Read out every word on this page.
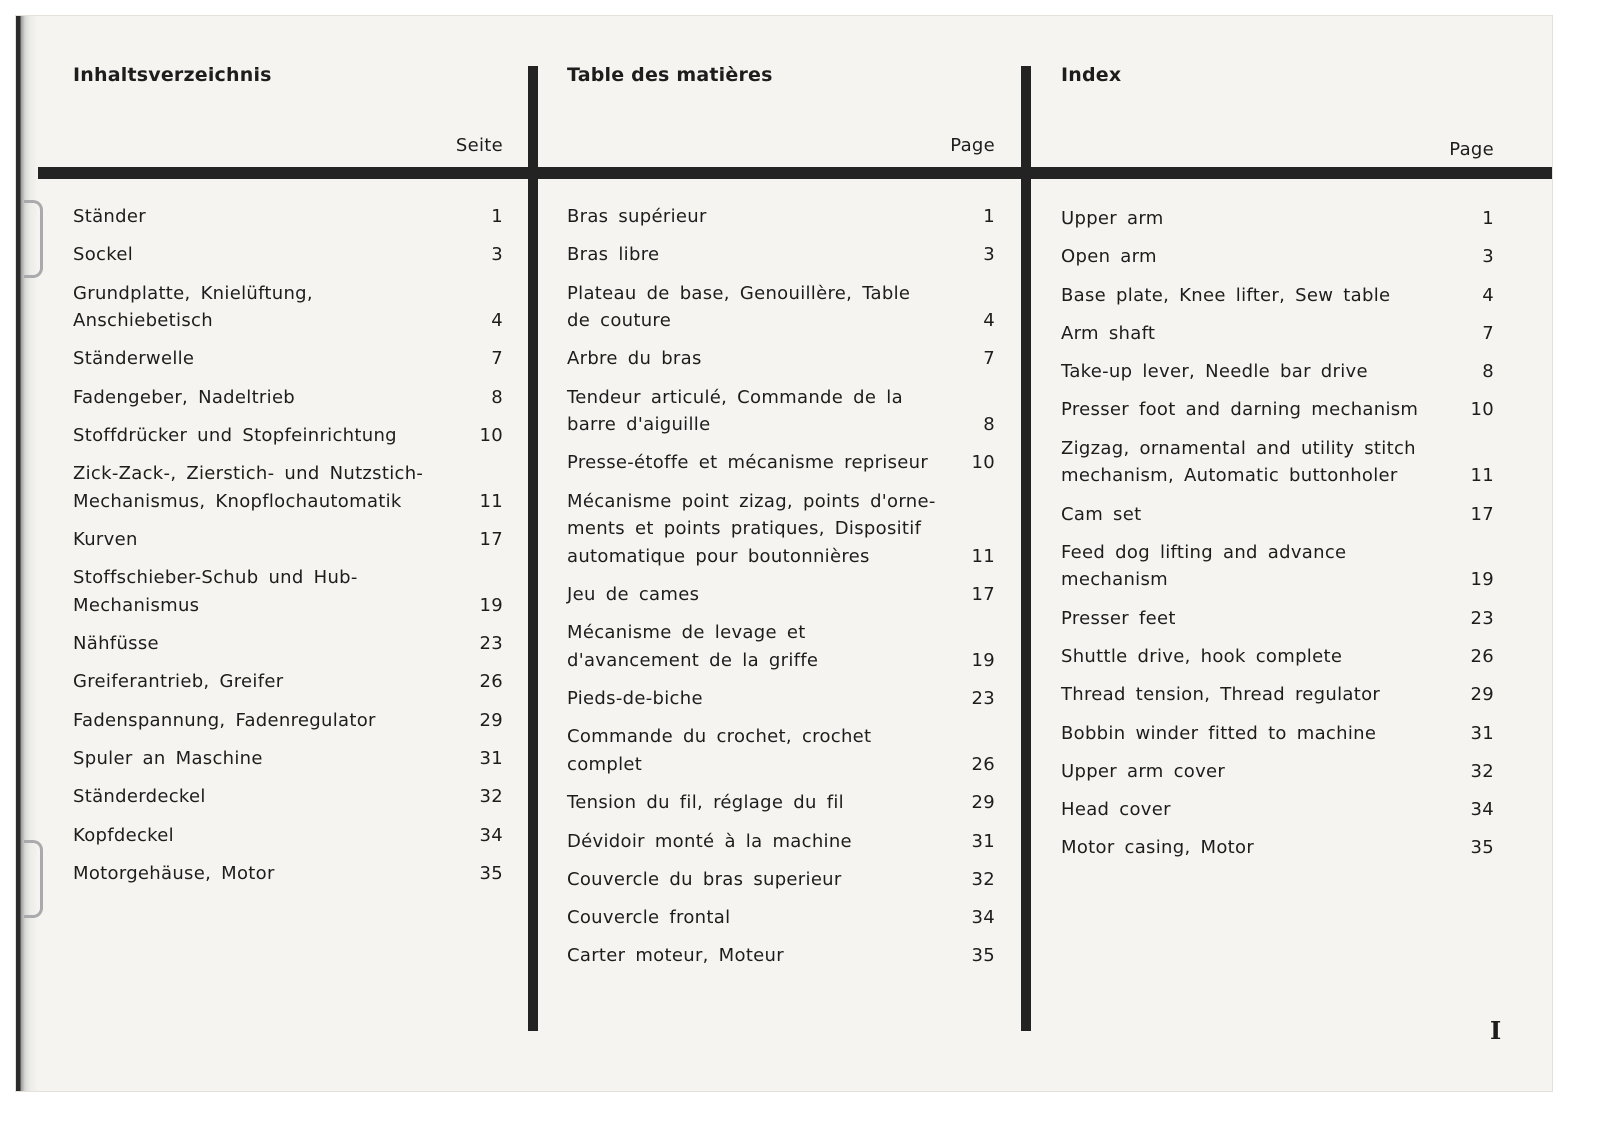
Inhaltsverzeichnis
Seite
Ständer	1
Sockel	3
Grundplatte, Knielüftung, Anschiebetisch	4
Ständerwelle	7
Fadengeber, Nadeltrieb	8
Stoffdrücker und Stopfeinrichtung	10
Zick-Zack-, Zierstich- und Nutzstich-Mechanismus, Knopflochautomatik	11
Kurven	17
Stoffschieber-Schub und Hub-Mechanismus	19
Nähfüsse	23
Greiferantrieb, Greifer	26
Fadenspannung, Fadenregulator	29
Spuler an Maschine	31
Ständerdeckel	32
Kopfdeckel	34
Motorgehäuse, Motor	35
Table des matières
Page
Bras supérieur	1
Bras libre	3
Plateau de base, Genouillère, Table de couture	4
Arbre du bras	7
Tendeur articulé, Commande de la barre d'aiguille	8
Presse-étoffe et mécanisme repriseur 10
Mécanisme point zizag, points d'orne-ments et points pratiques, Dispositif automatique pour boutonnières	11
Jeu de cames	17
Mécanisme de levage et d'avancement de la griffe	19
Pieds-de-biche	23
Commande du crochet, crochet complet	26
Tension du fil, réglage du fil	29
Dévidoir monté à la machine	31
Couvercle du bras superieur	32
Couvercle frontal	34
Carter moteur, Moteur	35
Index
Page
Upper arm	1
Open arm	3
Base plate, Knee lifter, Sew table	4
Arm shaft	7
Take-up lever, Needle bar drive	8
Presser foot and darning mechanism	10
Zigzag, ornamental and utility stitch mechanism, Automatic buttonholer	11
Cam set	17
Feed dog lifting and advance mechanism	19
Presser feet	23
Shuttle drive, hook complete	26
Thread tension, Thread regulator	29
Bobbin winder fitted to machine	31
Upper arm cover	32
Head cover	34
Motor casing, Motor	35
I
